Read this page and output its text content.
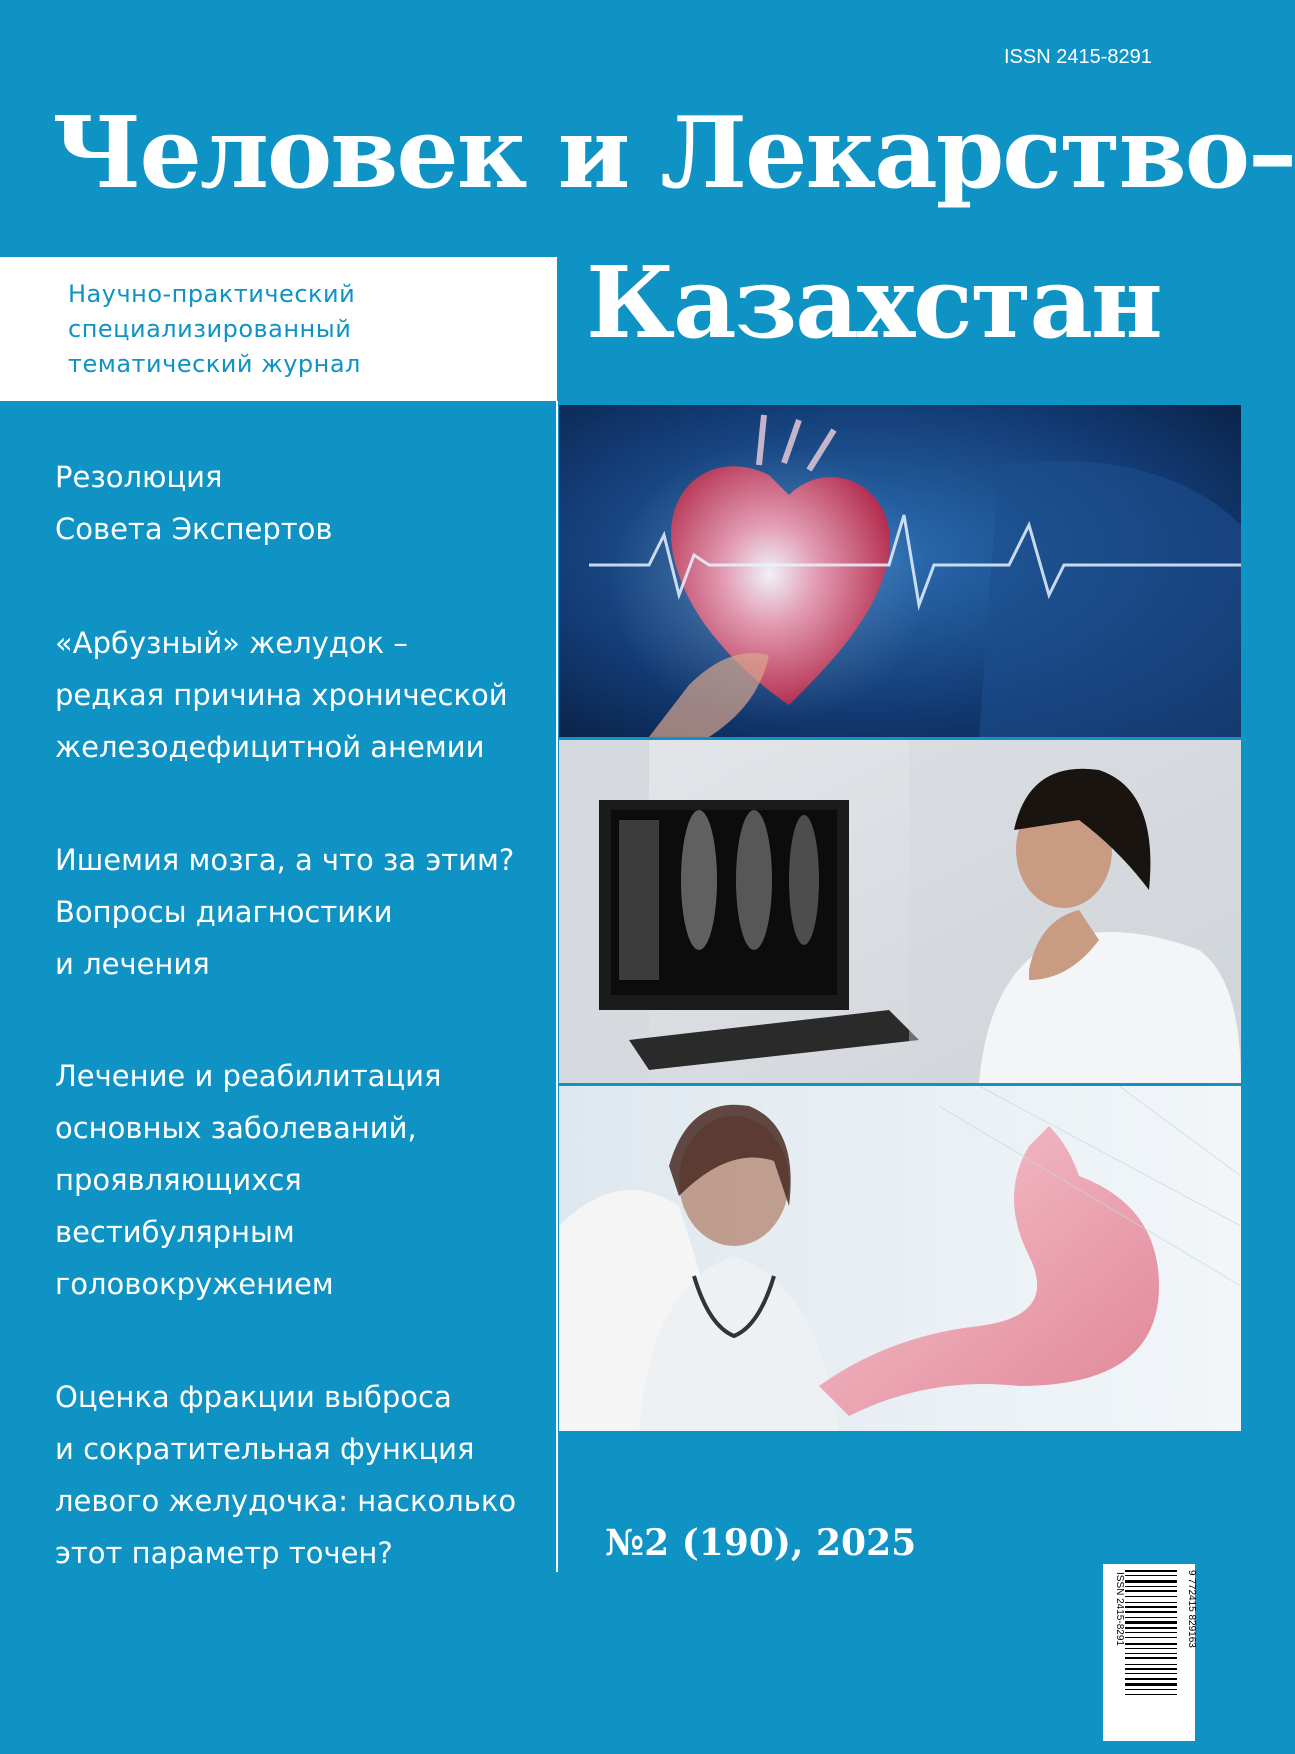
ISSN 2415-8291
Человек и Лекарство–
Научно-практический
специализированный
тематический журнал
Казахстан
Резолюция
Совета Экспертов
«Арбузный» желудок –
редкая причина хронической
железодефицитной анемии
Ишемия мозга, а что за этим?
Вопросы диагностики
и лечения
Лечение и реабилитация
основных заболеваний,
проявляющихся
вестибулярным
головокружением
Оценка фракции выброса
и сократительная функция
левого желудочка: насколько
этот параметр точен?	№2 (190), 2025
ISSN 2415-8291	9 772415 829163
